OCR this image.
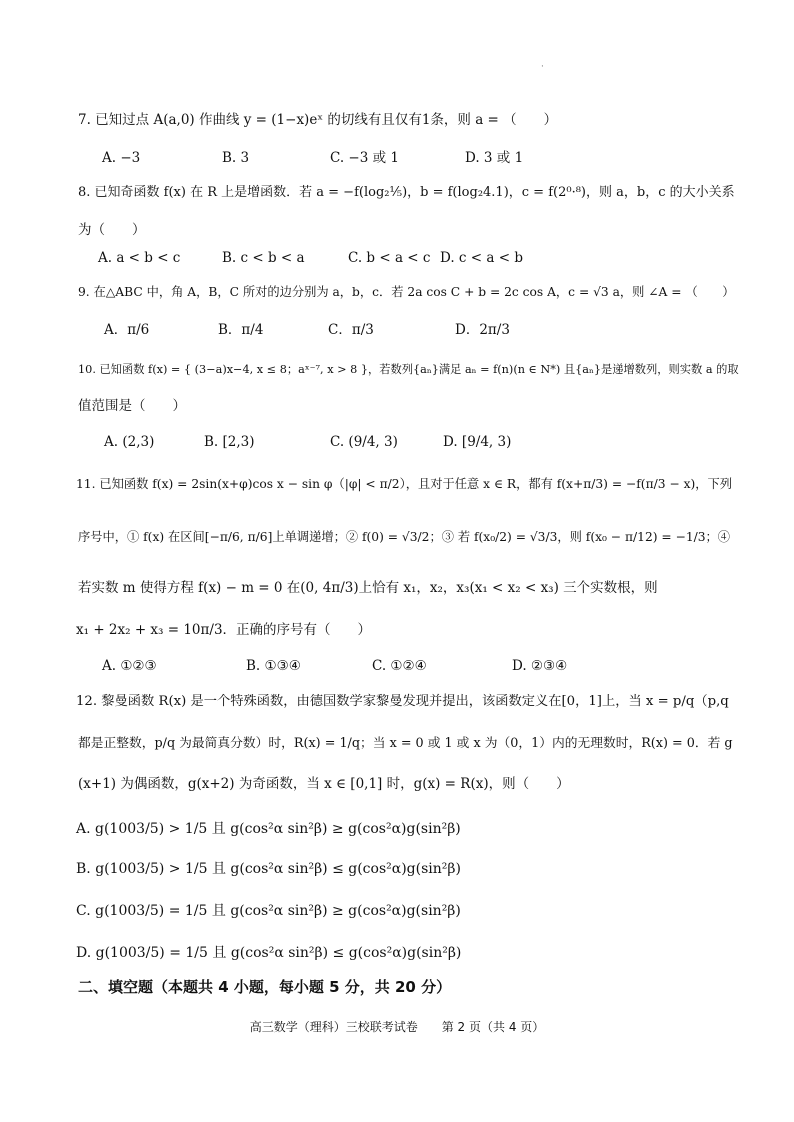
·
7. 已知过点 A(a,0) 作曲线 y = (1−x)eˣ 的切线有且仅有1条，则 a = （　　）
A. −3	B. 3	C. −3 或 1	D. 3 或 1
8. 已知奇函数 f(x) 在 R 上是增函数．若 a = −f(log₂⅕)，b = f(log₂4.1)，c = f(2⁰·⁸)，则 a，b，c 的大小关系
为（　　）
A. a < b < c	B. c < b < a	C. b < a < c D. c < a < b
9. 在△ABC 中，角 A，B，C 所对的边分别为 a，b，c．若 2a cos C + b = 2c cos A，c = √3 a，则 ∠A = （　　）
A．π/6	B．π/4	C．π/3	D．2π/3
10. 已知函数 f(x) = { (3−a)x−4, x ≤ 8；aˣ⁻⁷, x > 8 }，若数列{aₙ}满足 aₙ = f(n)(n ∈ N*) 且{aₙ}是递增数列，则实数 a 的取
值范围是（　　）
A. (2,3)	B. [2,3)	C. (9/4, 3)	D. [9/4, 3)
11. 已知函数 f(x) = 2sin(x+φ)cos x − sin φ（|φ| < π/2），且对于任意 x ∈ R，都有 f(x+π/3) = −f(π/3 − x)，下列
序号中，① f(x) 在区间[−π/6, π/6]上单调递增；② f(0) = √3/2；③ 若 f(x₀/2) = √3/3，则 f(x₀ − π/12) = −1/3；④
若实数 m 使得方程 f(x) − m = 0 在(0, 4π/3)上恰有 x₁，x₂，x₃(x₁ < x₂ < x₃) 三个实数根，则
x₁ + 2x₂ + x₃ = 10π/3．正确的序号有（　　）
A. ①②③	B. ①③④	C. ①②④	D. ②③④
12. 黎曼函数 R(x) 是一个特殊函数，由德国数学家黎曼发现并提出，该函数定义在[0，1]上，当 x = p/q（p,q
都是正整数，p/q 为最简真分数）时，R(x) = 1/q；当 x = 0 或 1 或 x 为（0，1）内的无理数时，R(x) = 0．若 g
(x+1) 为偶函数，g(x+2) 为奇函数，当 x ∈ [0,1] 时，g(x) = R(x)，则（　　）
A. g(1003/5) > 1/5 且 g(cos²α sin²β) ≥ g(cos²α)g(sin²β)
B. g(1003/5) > 1/5 且 g(cos²α sin²β) ≤ g(cos²α)g(sin²β)
C. g(1003/5) = 1/5 且 g(cos²α sin²β) ≥ g(cos²α)g(sin²β)
D. g(1003/5) = 1/5 且 g(cos²α sin²β) ≤ g(cos²α)g(sin²β)
二、填空题（本题共 4 小题，每小题 5 分，共 20 分）
高三数学（理科）三校联考试卷　　第 2 页（共 4 页）
